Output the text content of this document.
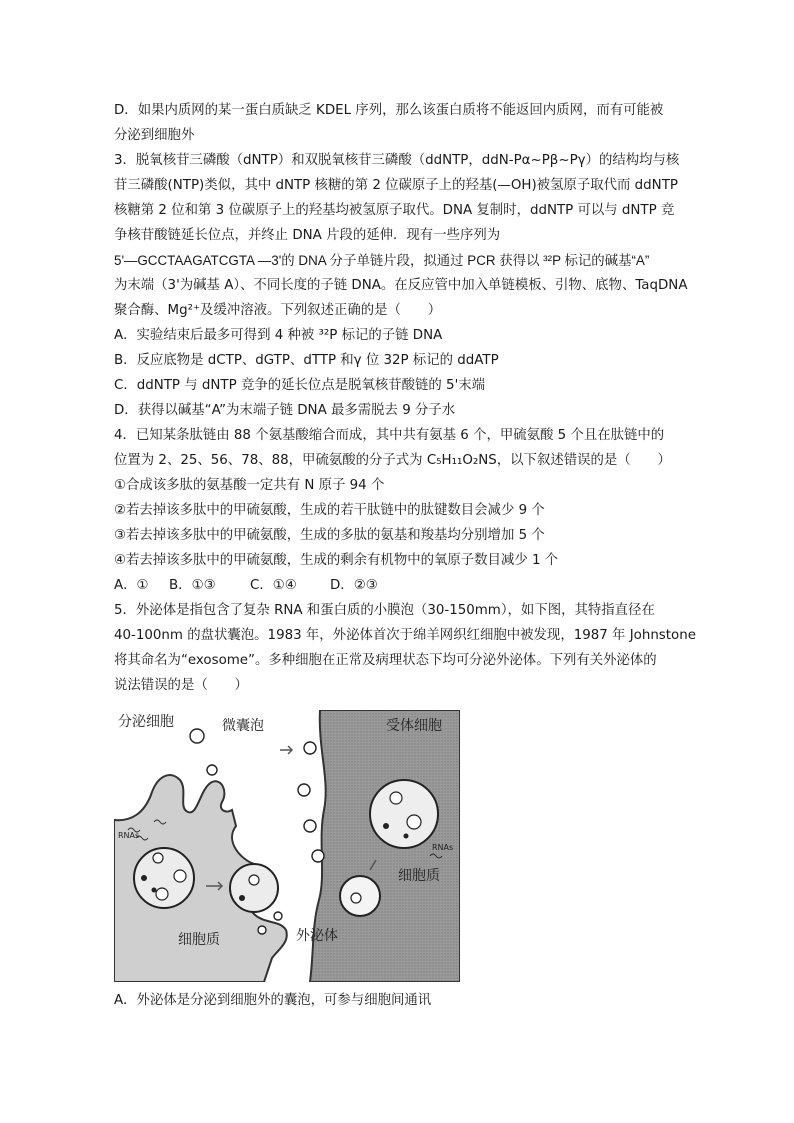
D．如果内质网的某一蛋白质缺乏 KDEL 序列，那么该蛋白质将不能返回内质网，而有可能被
分泌到细胞外
3．脱氧核苷三磷酸（dNTP）和双脱氧核苷三磷酸（ddNTP，ddN-Pα~Pβ~Pγ）的结构均与核
苷三磷酸(NTP)类似，其中 dNTP 核糖的第 2 位碳原子上的羟基(—OH)被氢原子取代而 ddNTP
核糖第 2 位和第 3 位碳原子上的羟基均被氢原子取代。DNA 复制时，ddNTP 可以与 dNTP 竞
争核苷酸链延长位点，并终止 DNA 片段的延伸．现有一些序列为
5'—GCCTAAGATCGTA —3'的 DNA 分子单链片段，拟通过 PCR 获得以 ³²P 标记的碱基“A”
为末端（3'为碱基 A）、不同长度的子链 DNA。在反应管中加入单链模板、引物、底物、TaqDNA
聚合酶、Mg²⁺及缓冲溶液。下列叙述正确的是（　　）
A．实验结束后最多可得到 4 种被 ³²P 标记的子链 DNA
B．反应底物是 dCTP、dGTP、dTTP 和γ 位 32P 标记的 ddATP
C．ddNTP 与 dNTP 竞争的延长位点是脱氧核苷酸链的 5'末端
D．获得以碱基“A”为末端子链 DNA 最多需脱去 9 分子水
4．已知某条肽链由 88 个氨基酸缩合而成，其中共有氨基 6 个，甲硫氨酸 5 个且在肽链中的
位置为 2、25、56、78、88，甲硫氨酸的分子式为 C₅H₁₁O₂NS，以下叙述错误的是（　　）
①合成该多肽的氨基酸一定共有 N 原子 94 个
②若去掉该多肽中的甲硫氨酸，生成的若干肽链中的肽键数目会减少 9 个
③若去掉该多肽中的甲硫氨酸，生成的多肽的氨基和羧基均分别增加 5 个
④若去掉该多肽中的甲硫氨酸，生成的剩余有机物中的氧原子数目减少 1 个
A．① B．①③	C．①④ D．②③
5．外泌体是指包含了复杂 RNA 和蛋白质的小膜泡（30-150mm），如下图，其特指直径在
40-100nm 的盘状囊泡。1983 年，外泌体首次于绵羊网织红细胞中被发现，1987 年 Johnstone
将其命名为“exosome”。多种细胞在正常及病理状态下均可分泌外泌体。下列有关外泌体的
说法错误的是（　　）
分泌细胞	微囊泡	受体细胞
RNAs
RNAs
细胞质
细胞质
外泌体
A．外泌体是分泌到细胞外的囊泡，可参与细胞间通讯
